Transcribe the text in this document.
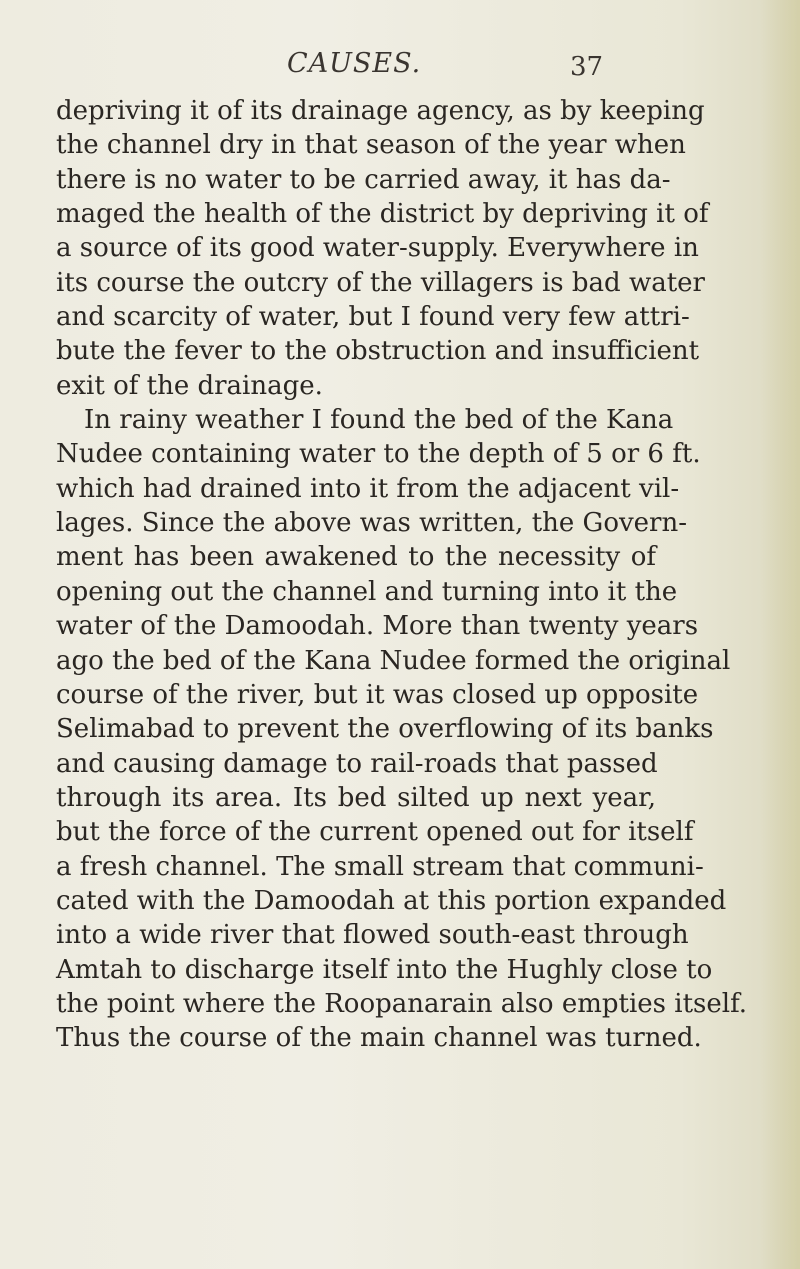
CAUSES.	37
depriving it of its drainage agency, as by keeping
the channel dry in that season of the year when
there is no water to be carried away, it has da-
maged the health of the district by depriving it of
a source of its good water-supply. Everywhere in
its course the outcry of the villagers is bad water
and scarcity of water, but I found very few attri-
bute the fever to the obstruction and insufficient
exit of the drainage.
In rainy weather I found the bed of the Kana
Nudee containing water to the depth of 5 or 6 ft.
which had drained into it from the adjacent vil-
lages. Since the above was written, the Govern-
ment has been awakened to the necessity of
opening out the channel and turning into it the
water of the Damoodah. More than twenty years
ago the bed of the Kana Nudee formed the original
course of the river, but it was closed up opposite
Selimabad to prevent the overflowing of its banks
and causing damage to rail-roads that passed
through its area. Its bed silted up next year,
but the force of the current opened out for itself
a fresh channel. The small stream that communi-
cated with the Damoodah at this portion expanded
into a wide river that flowed south-east through
Amtah to discharge itself into the Hughly close to
the point where the Roopanarain also empties itself.
Thus the course of the main channel was turned.
